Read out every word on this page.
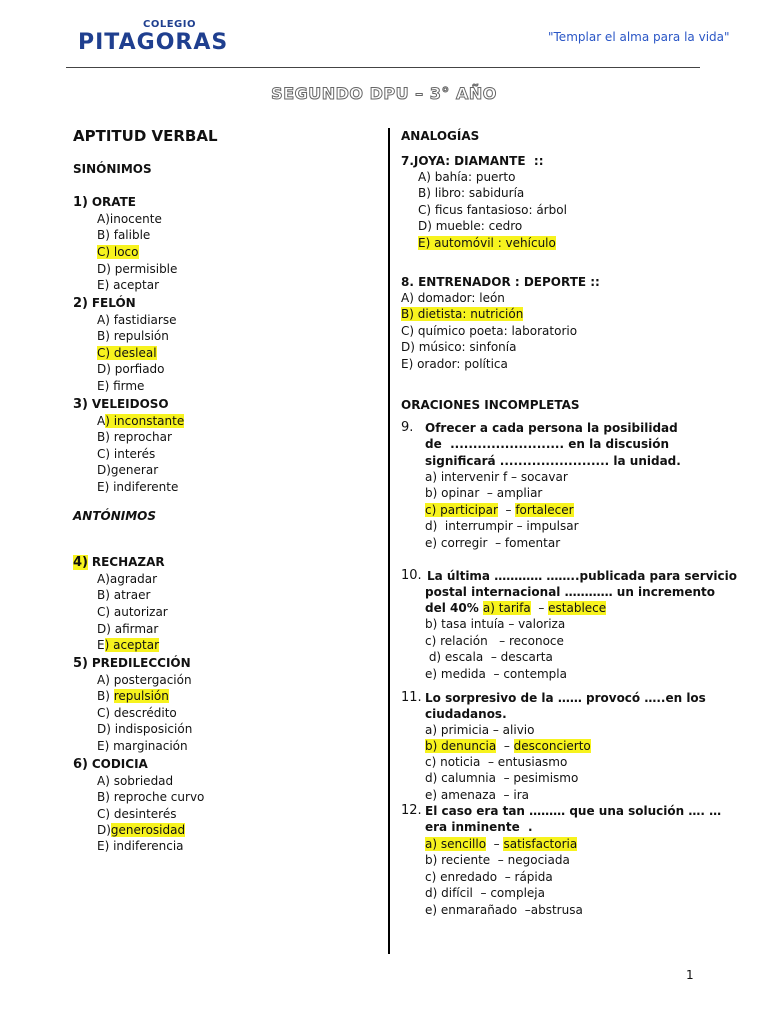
COLEGIO
PITAGORAS	"Templar el alma para la vida"
SEGUNDO DPU – 3° AÑO
APTITUD VERBAL
SINÓNIMOS
1) ORATE
A)inocente
B) falible
C) loco
D) permisible
E) aceptar
2) FELÓN
A) fastidiarse
B) repulsión
C) desleal
D) porfiado
E) firme
3) VELEIDOSO
A) inconstante
B) reprochar
C) interés
D)generar
E) indiferente
ANTÓNIMOS
4) RECHAZAR
A)agradar
B) atraer
C) autorizar
D) afirmar
E) aceptar
5) PREDILECCIÓN
A) postergación
B) repulsión
C) descrédito
D) indisposición
E) marginación
6) CODICIA
A) sobriedad
B) reproche curvo
C) desinterés
D)generosidad
E) indiferencia
ANALOGÍAS
7.JOYA: DIAMANTE  ::
A) bahía: puerto
B) libro: sabiduría
C) ficus fantasioso: árbol
D) mueble: cedro
E) automóvil : vehículo
8. ENTRENADOR : DEPORTE ::
A) domador: león
B) dietista: nutrición
C) químico poeta: laboratorio
D) músico: sinfonía
E) orador: política
ORACIONES INCOMPLETAS
9. Ofrecer a cada persona la posibilidad
de  ......................... en la discusión
significará ........................ la unidad.
a) intervenir f – socavar
b) opinar  – ampliar
c) participar  – fortalecer
d)  interrumpir – impulsar
e) corregir  – fomentar
10. La última ………… ……..publicada para servicio
postal internacional ………… un incremento
del 40% a) tarifa  – establece
b) tasa intuía – valoriza
c) relación   – reconoce
d) escala  – descarta
e) medida  – contempla
11. Lo sorpresivo de la …… provocó …..en los
ciudadanos.
a) primicia – alivio
b) denuncia  – desconcierto
c) noticia  – entusiasmo
d) calumnia  – pesimismo
e) amenaza  – ira
12. El caso era tan ……… que una solución …. …
era inminente  .
a) sencillo  – satisfactoria
b) reciente  – negociada
c) enredado  – rápida
d) difícil  – compleja
e) enmarañado  –abstrusa
1
